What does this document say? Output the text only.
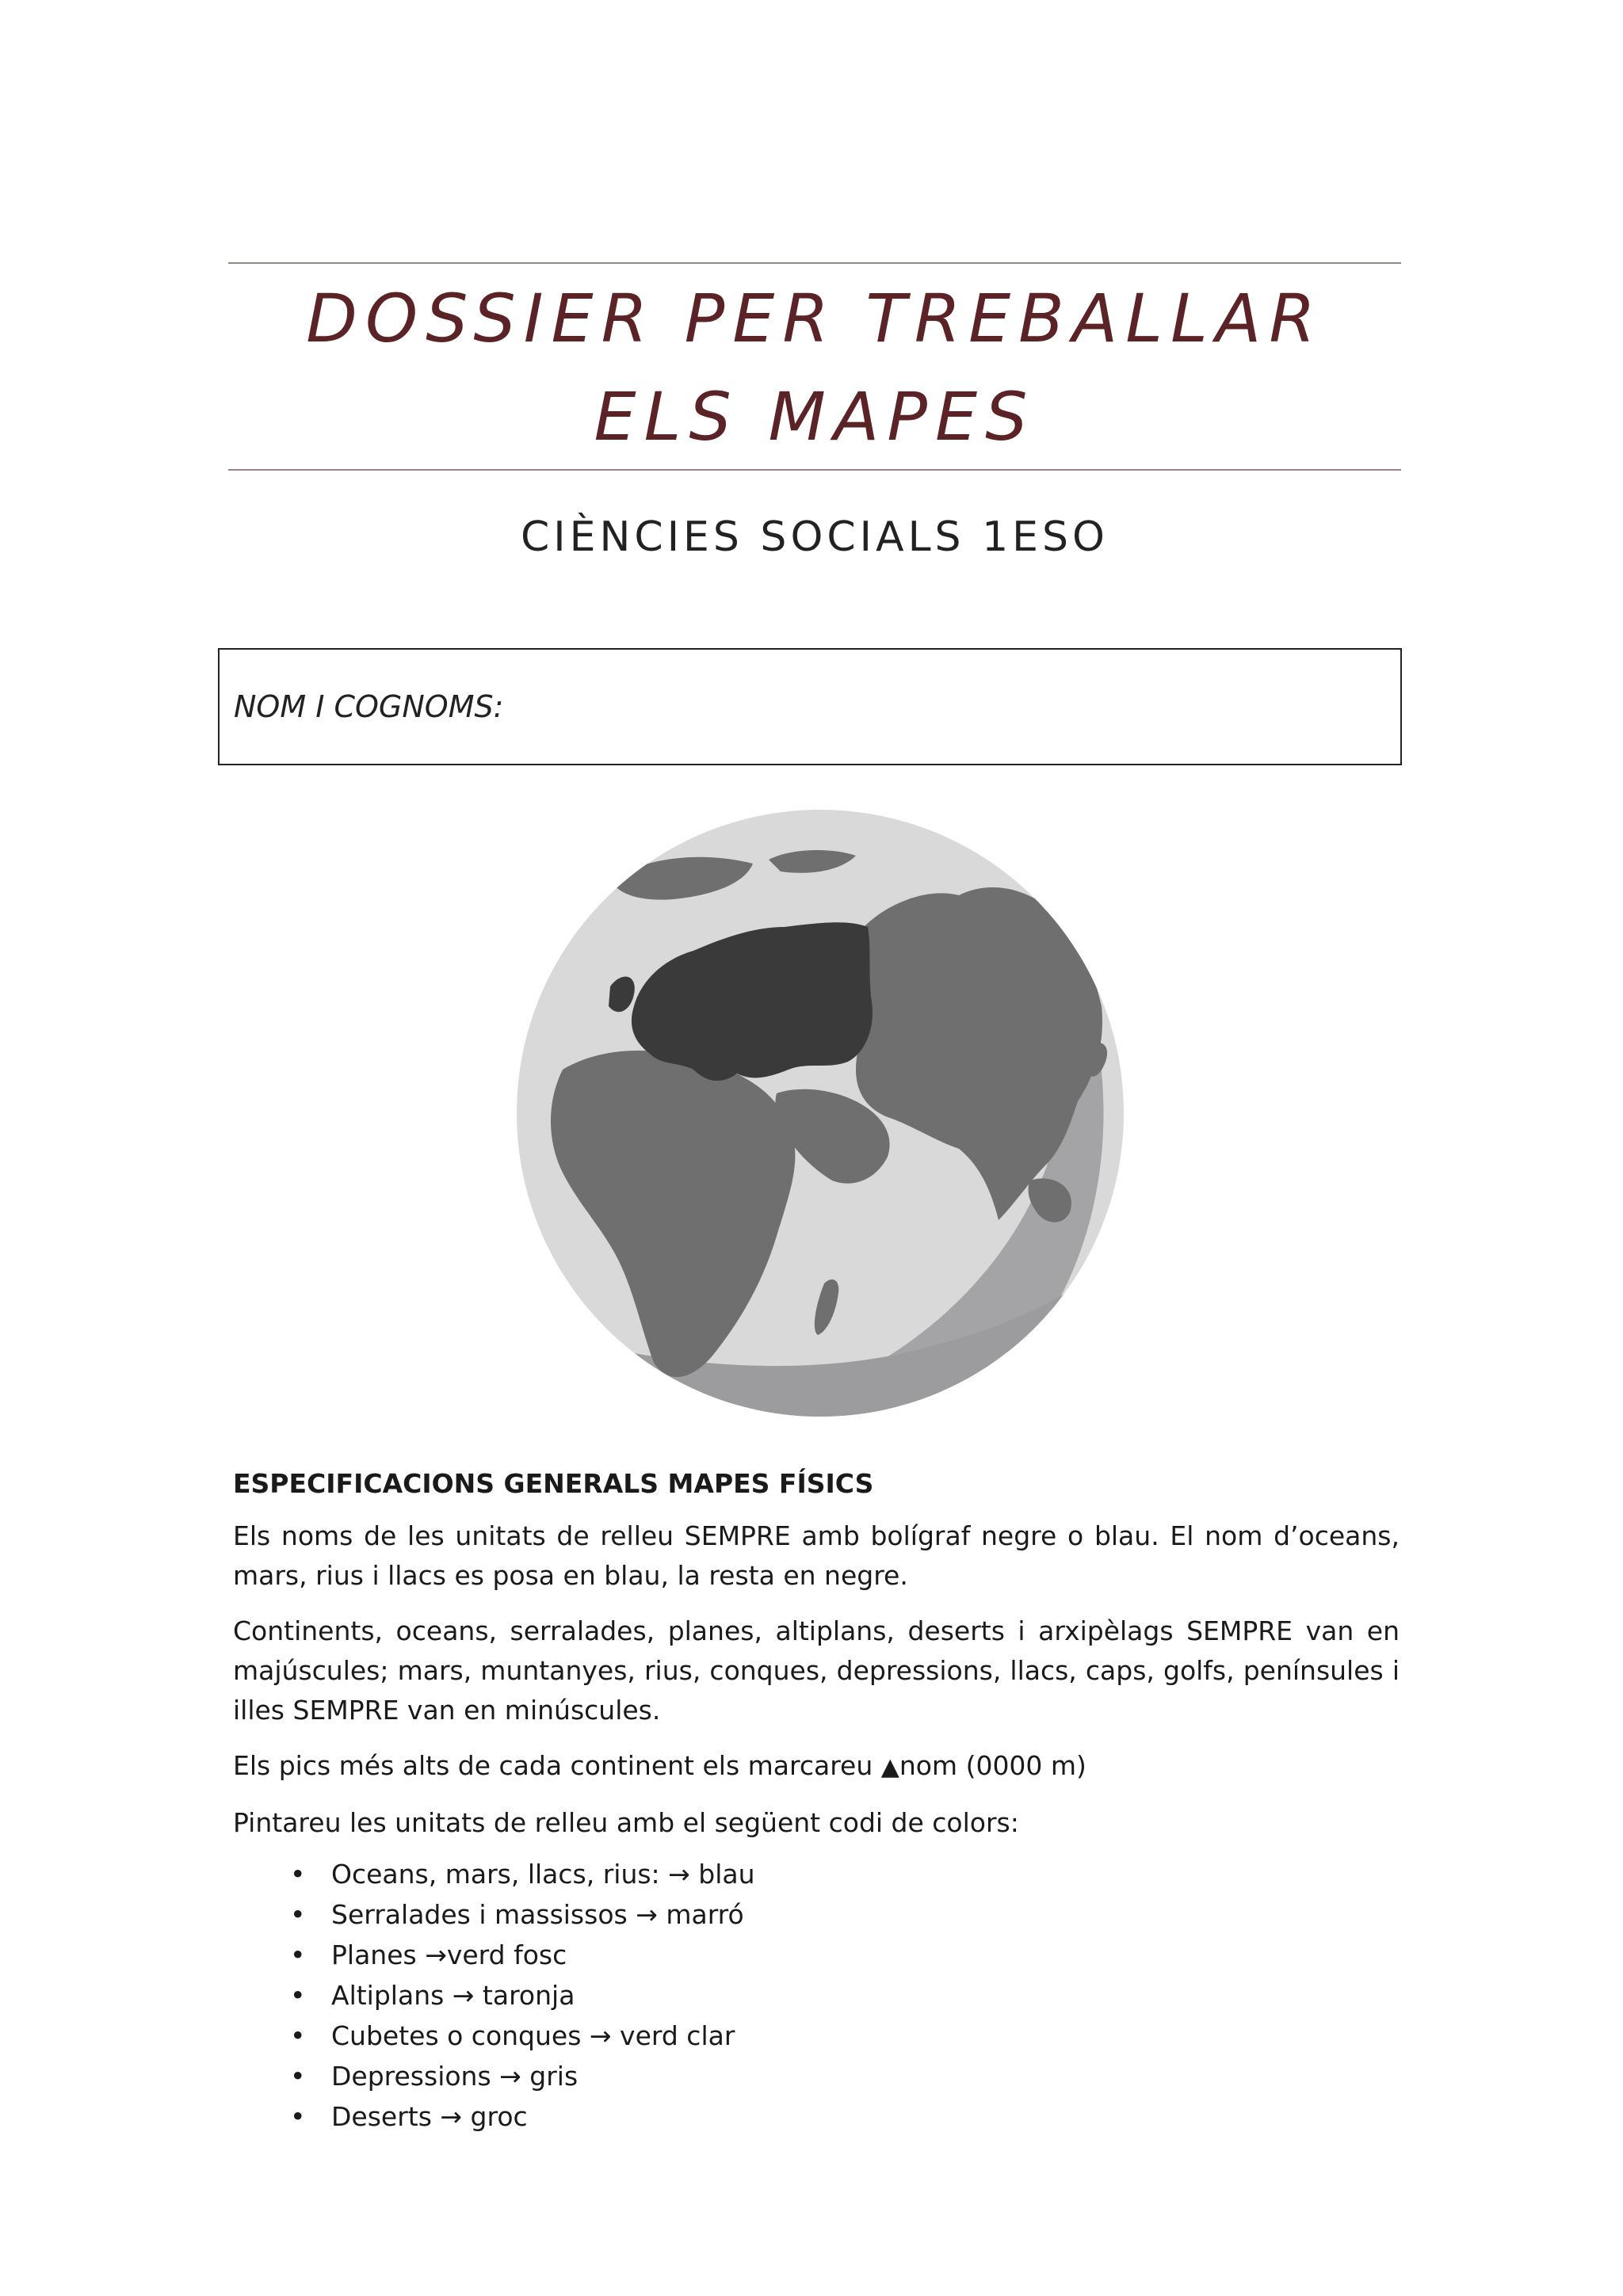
DOSSIER PER TREBALLAR ELS MAPES
CIÈNCIES SOCIALS 1ESO
NOM I COGNOMS:
ESPECIFICACIONS GENERALS MAPES FÍSICS

Els noms de les unitats de relleu SEMPRE amb bolígraf negre o blau. El nom d’oceans, mars, rius i llacs es posa en blau, la resta en negre.

Continents, oceans, serralades, planes, altiplans, deserts i arxipèlags SEMPRE van en majúscules; mars, muntanyes, rius, conques, depressions, llacs, caps, golfs, penínsules i illes SEMPRE van en minúscules.

Els pics més alts de cada continent els marcareu ▲nom (0000 m)

Pintareu les unitats de relleu amb el següent codi de colors:

• Oceans, mars, llacs, rius: → blau
• Serralades i massissos → marró
• Planes →verd fosc
• Altiplans → taronja
• Cubetes o conques → verd clar
• Depressions → gris
• Deserts → groc
